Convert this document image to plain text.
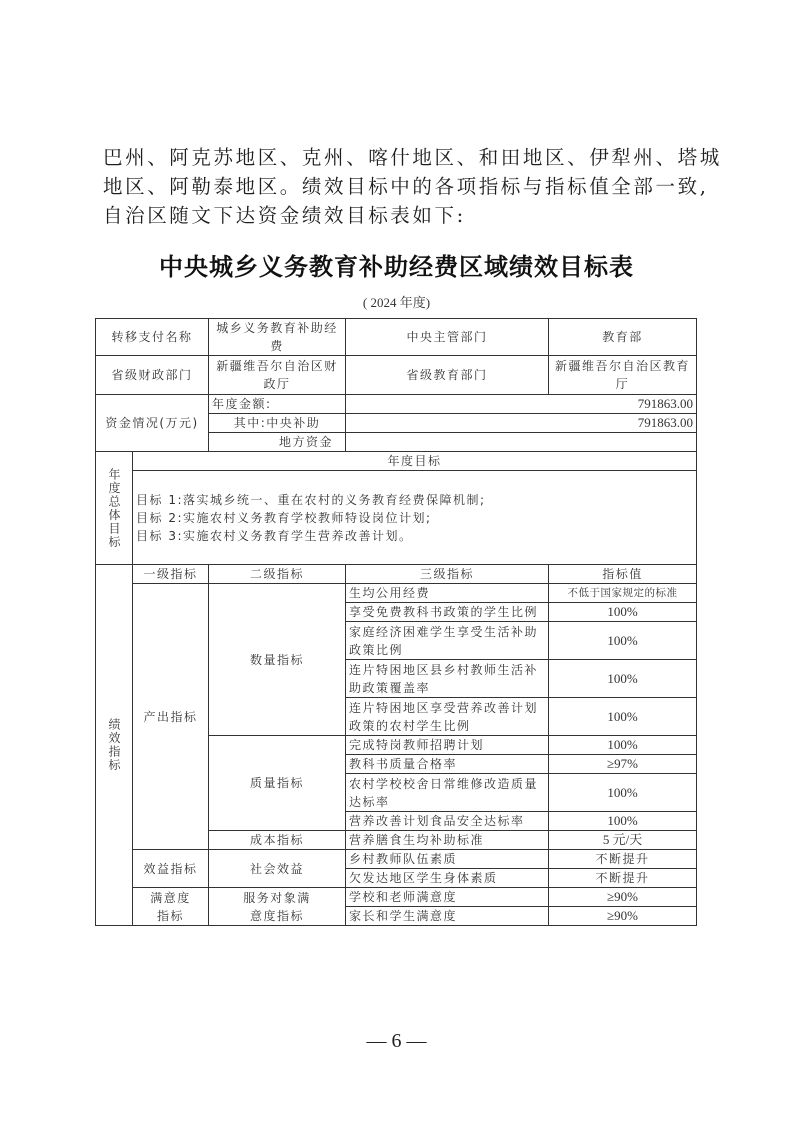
巴州、阿克苏地区、克州、喀什地区、和田地区、伊犁州、塔城

地区、阿勒泰地区。绩效目标中的各项指标与指标值全部一致,

自治区随文下达资金绩效目标表如下:

中央城乡义务教育补助经费区域绩效目标表
( 2024 年度)
转移支付名称		城乡义务教育补助经费	中央主管部门	教育部
省级财政部门		新疆维吾尔自治区财政厅	省级教育部门	新疆维吾尔自治区教育厅
资金情况(万元)		年度金额:	791863.00	
		其中:中央补助	791863.00	
		地方资金		
年度总体目标	年度目标			

	目标 1:落实城乡统一、重在农村的义务教育经费保障机制;
目标 2:实施农村义务教育学校教师特设岗位计划;
目标 3:实施农村义务教育学生营养改善计划。			

绩效指标	一级指标	二级指标	三级指标	指标值
	产出指标	数量指标	生均公用经费	不低于国家规定的标准
			享受免费教科书政策的学生比例	100%
			家庭经济困难学生享受生活补助政策比例	100%
			连片特困地区县乡村教师生活补助政策覆盖率	100%
			连片特困地区享受营养改善计划政策的农村学生比例	100%
		质量指标	完成特岗教师招聘计划	100%
			教科书质量合格率	≥97%
			农村学校校舍日常维修改造质量达标率	100%
			营养改善计划食品安全达标率	100%
		成本指标	营养膳食生均补助标准	5 元/天
	效益指标	社会效益	乡村教师队伍素质	不断提升
			欠发达地区学生身体素质	不断提升
	满意度指标	服务对象满意度指标	学校和老师满意度	≥90%
			家长和学生满意度	≥90%
— 6 —
